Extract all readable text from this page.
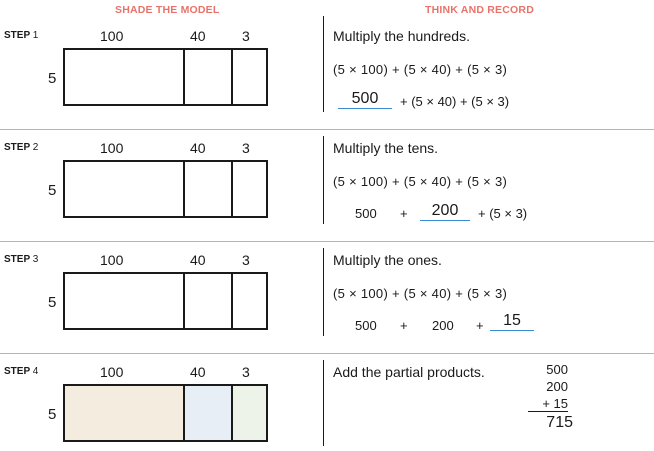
SHADE THE MODEL	THINK AND RECORD
STEP 1	100	40	3
5
Multiply the hundreds.
(5 × 100) + (5 × 40) + (5 × 3)
500	+ (5 × 40) + (5 × 3)
STEP 2	100	40	3
5
Multiply the tens.
(5 × 100) + (5 × 40) + (5 × 3)
500 +	200	+ (5 × 3)
STEP 3	100	40	3
5
Multiply the ones.
(5 × 100) + (5 × 40) + (5 × 3)
500 + 200 +	15
STEP 4	100	40	3
5
Add the partial products.	500
200
+ 15
715
